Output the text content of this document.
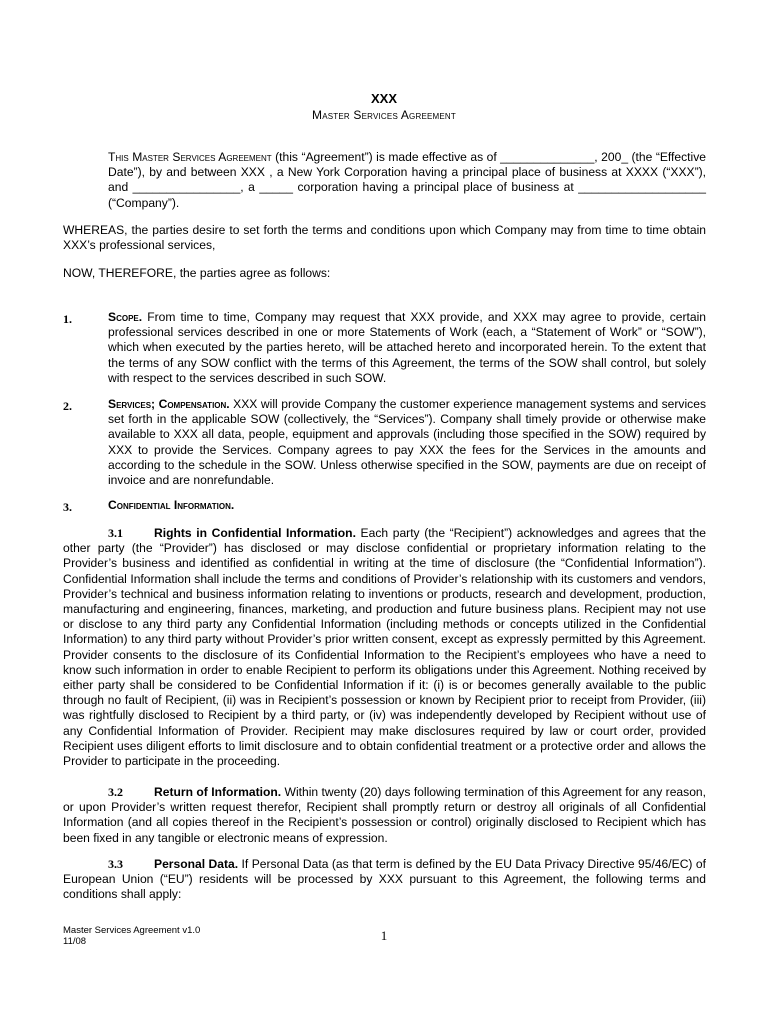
XXX
Master Services Agreement
This Master Services Agreement (this “Agreement”) is made effective as of ______________, 200_ (the “Effective Date”), by and between XXX , a New York Corporation having a principal place of business at XXXX (“XXX”), and ________________, a _____ corporation having a principal place of business at ___________________ (“Company”).
WHEREAS, the parties desire to set forth the terms and conditions upon which Company may from time to time obtain XXX’s professional services,
NOW, THEREFORE, the parties agree as follows:
1.	Scope. From time to time, Company may request that XXX provide, and XXX may agree to provide, certain professional services described in one or more Statements of Work (each, a “Statement of Work” or “SOW”), which when executed by the parties hereto, will be attached hereto and incorporated herein. To the extent that the terms of any SOW conflict with the terms of this Agreement, the terms of the SOW shall control, but solely with respect to the services described in such SOW.
2.	Services; Compensation. XXX will provide Company the customer experience management systems and services set forth in the applicable SOW (collectively, the “Services”). Company shall timely provide or otherwise make available to XXX all data, people, equipment and approvals (including those specified in the SOW) required by XXX to provide the Services. Company agrees to pay XXX the fees for the Services in the amounts and according to the schedule in the SOW. Unless otherwise specified in the SOW, payments are due on receipt of invoice and are nonrefundable.
3.	Confidential Information.
3.1	Rights in Confidential Information. Each party (the “Recipient”) acknowledges and agrees that the other party (the “Provider”) has disclosed or may disclose confidential or proprietary information relating to the Provider’s business and identified as confidential in writing at the time of disclosure (the “Confidential Information”). Confidential Information shall include the terms and conditions of Provider’s relationship with its customers and vendors, Provider’s technical and business information relating to inventions or products, research and development, production, manufacturing and engineering, finances, marketing, and production and future business plans. Recipient may not use or disclose to any third party any Confidential Information (including methods or concepts utilized in the Confidential Information) to any third party without Provider’s prior written consent, except as expressly permitted by this Agreement. Provider consents to the disclosure of its Confidential Information to the Recipient’s employees who have a need to know such information in order to enable Recipient to perform its obligations under this Agreement. Nothing received by either party shall be considered to be Confidential Information if it: (i) is or becomes generally available to the public through no fault of Recipient, (ii) was in Recipient’s possession or known by Recipient prior to receipt from Provider, (iii) was rightfully disclosed to Recipient by a third party, or (iv) was independently developed by Recipient without use of any Confidential Information of Provider. Recipient may make disclosures required by law or court order, provided Recipient uses diligent efforts to limit disclosure and to obtain confidential treatment or a protective order and allows the Provider to participate in the proceeding.
3.2	Return of Information. Within twenty (20) days following termination of this Agreement for any reason, or upon Provider’s written request therefor, Recipient shall promptly return or destroy all originals of all Confidential Information (and all copies thereof in the Recipient’s possession or control) originally disclosed to Recipient which has been fixed in any tangible or electronic means of expression.
3.3	Personal Data. If Personal Data (as that term is defined by the EU Data Privacy Directive 95/46/EC) of European Union (“EU”) residents will be processed by XXX pursuant to this Agreement, the following terms and conditions shall apply:
Master Services Agreement v1.0
11/08	1
